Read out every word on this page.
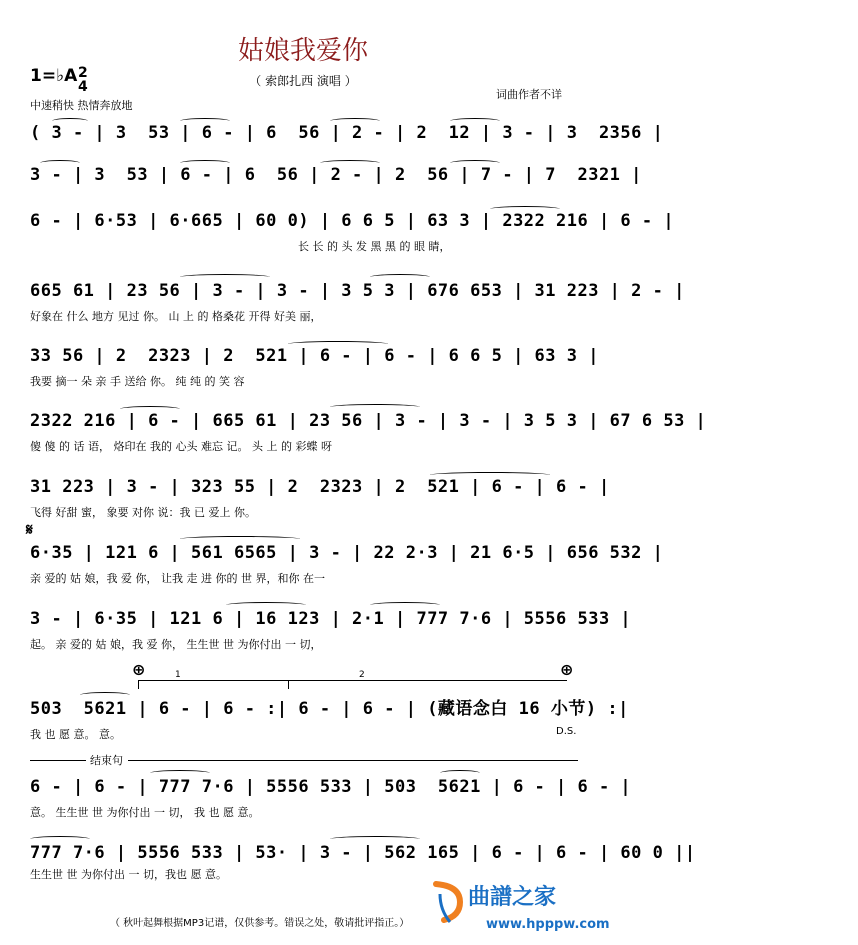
姑娘我爱你
（ 索郎扎西 演唱 ）
1=♭A 2
4
中速稍快 热情奔放地
词曲作者不详
( 3 - | 3  53 | 6 - | 6  56 | 2 - | 2  12 | 3 - | 3  2356 |
3 - | 3  53 | 6 - | 6  56 | 2 - | 2  56 | 7 - | 7  2321 |
6 - | 6·53 | 6·665 | 60 0) | 6 6 5 | 63 3 | 2322 216 | 6 - |
长 长 的 头 发 黑 黑 的 眼 睛，
665 61 | 23 56 | 3 - | 3 - | 3 5 3 | 676 653 | 31 223 | 2 - |
好象在 什么 地方 见过 你。 山 上 的 格桑花 开得 好美 丽，
33 56 | 2  2323 | 2  521 | 6 - | 6 - | 6 6 5 | 63 3 |
我要 摘一 朵 亲 手 送给 你。 纯 纯 的 笑 容
2322 216 | 6 - | 665 61 | 23 56 | 3 - | 3 - | 3 5 3 | 67 6 53 |
傻 傻 的 话 语， 烙印在 我的 心头 难忘 记。 头 上 的 彩蝶 呀
31 223 | 3 - | 323 55 | 2  2323 | 2  521 | 6 - | 6 - |
飞得 好甜 蜜， 象要 对你 说：我 已 爱上 你。
6·35 | 121 6 | 561 6565 | 3 - | 22 2·3 | 21 6·5 | 656 532 |
亲 爱的 姑 娘，我 爱 你， 让我 走 进 你的 世 界，和你 在一
𝄋
3 - | 6·35 | 121 6 | 16 123 | 2·1 | 777 7·6 | 5556 533 |
起。 亲 爱的 姑 娘，我 爱 你， 生生世 世 为你付出 一 切，
⊕	⊕
1	2
503  5621 | 6 - | 6 - :| 6 - | 6 - | (藏语念白 16 小节) :|
我 也 愿 意。 意。	D.S.
结束句
6 - | 6 - | 777 7·6 | 5556 533 | 503  5621 | 6 - | 6 - |
意。 生生世 世 为你付出 一 切， 我 也 愿 意。
777 7·6 | 5556 533 | 53· | 3 - | 562 165 | 6 - | 6 - | 60 0 ||
生生世 世 为你付出 一 切，我也 愿 意。
（ 秋叶起舞根据MP3记谱，仅供参考。错误之处，敬请批评指正。）
曲譜之家
www.hpppw.com
